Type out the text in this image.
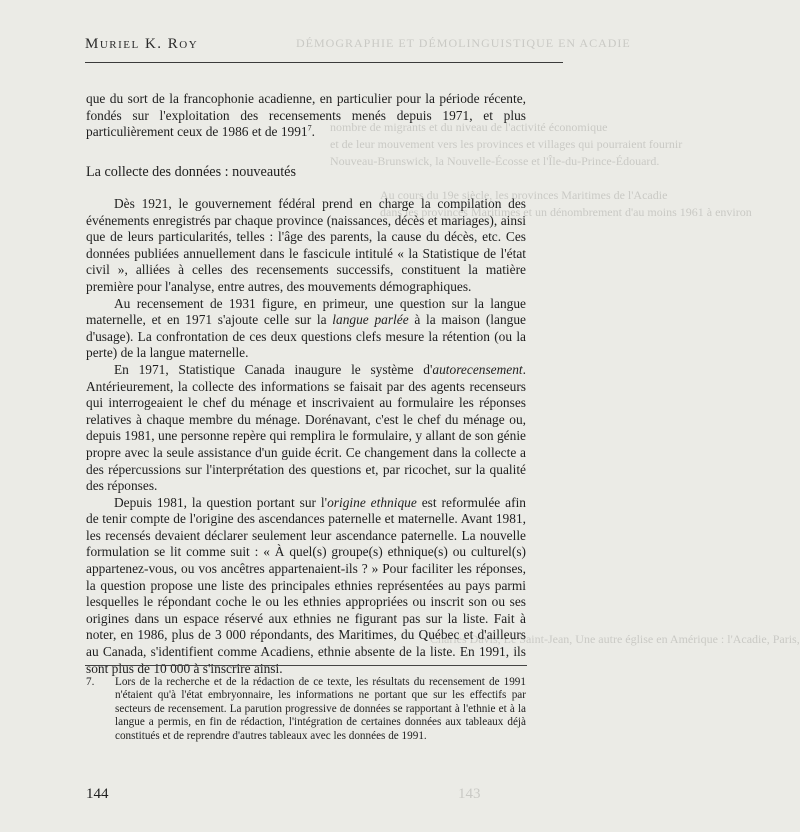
DÉMOGRAPHIE ET DÉMOLINGUISTIQUE EN ACADIE
nombre de migrants et du niveau de l'activité économique
et de leur mouvement vers les provinces et villages qui pourraient fournir
Nouveau-Brunswick, la Nouvelle-Écosse et l'Île-du-Prince-Édouard.
Au cours du 19e siècle, les provinces Maritimes de l'Acadie
dans les provinces Maritimes et un dénombrement d'au moins 1961 à environ
Charles Davis, Le Saint-Jean, Une autre église en Amérique : l'Acadie, Paris,
143
Muriel K. Roy

que du sort de la francophonie acadienne, en particulier pour la période récente, fondés sur l'exploitation des recensements menés depuis 1971, et plus particulièrement ceux de 1986 et de 1991$^7$.

La collecte des données : nouveautés

Dès 1921, le gouvernement fédéral prend en charge la compilation des événements enregistrés par chaque province (naissances, décès et mariages), ainsi que de leurs particularités, telles : l'âge des parents, la cause du décès, etc. Ces données publiées annuellement dans le fascicule intitulé « la Statistique de l'état civil », alliées à celles des recensements successifs, constituent la matière première pour l'analyse, entre autres, des mouvements démographiques.

Au recensement de 1931 figure, en primeur, une question sur la langue maternelle, et en 1971 s'ajoute celle sur la langue parlée à la maison (langue d'usage). La confrontation de ces deux questions clefs mesure la rétention (ou la perte) de la langue maternelle.

En 1971, Statistique Canada inaugure le système d'autorecensement. Antérieurement, la collecte des informations se faisait par des agents recenseurs qui interrogeaient le chef du ménage et inscrivaient au formulaire les réponses relatives à chaque membre du ménage. Dorénavant, c'est le chef du ménage ou, depuis 1981, une personne repère qui remplira le formulaire, y allant de son génie propre avec la seule assistance d'un guide écrit. Ce changement dans la collecte a des répercussions sur l'interprétation des questions et, par ricochet, sur la qualité des réponses.

Depuis 1981, la question portant sur l'origine ethnique est reformulée afin de tenir compte de l'origine des ascendances paternelle et maternelle. Avant 1981, les recensés devaient déclarer seulement leur ascendance paternelle. La nouvelle formulation se lit comme suit : « À quel(s) groupe(s) ethnique(s) ou culturel(s) appartenez-vous, ou vos ancêtres appartenaient-ils ? » Pour faciliter les réponses, la question propose une liste des principales ethnies représentées au pays parmi lesquelles le répondant coche le ou les ethnies appropriées ou inscrit son ou ses origines dans un espace réservé aux ethnies ne figurant pas sur la liste. Fait à noter, en 1986, plus de 3 000 répondants, des Maritimes, du Québec et d'ailleurs au Canada, s'identifient comme Acadiens, ethnie absente de la liste. En 1991, ils sont plus de 10 000 à s'inscrire ainsi.

7. Lors de la recherche et de la rédaction de ce texte, les résultats du recensement de 1991 n'étaient qu'à l'état embryonnaire, les informations ne portant que sur les effectifs par secteurs de recensement. La parution progressive de données se rapportant à l'ethnie et à la langue a permis, en fin de rédaction, l'intégration de certaines données aux tableaux déjà constitués et de reprendre d'autres tableaux avec les données de 1991.
144
